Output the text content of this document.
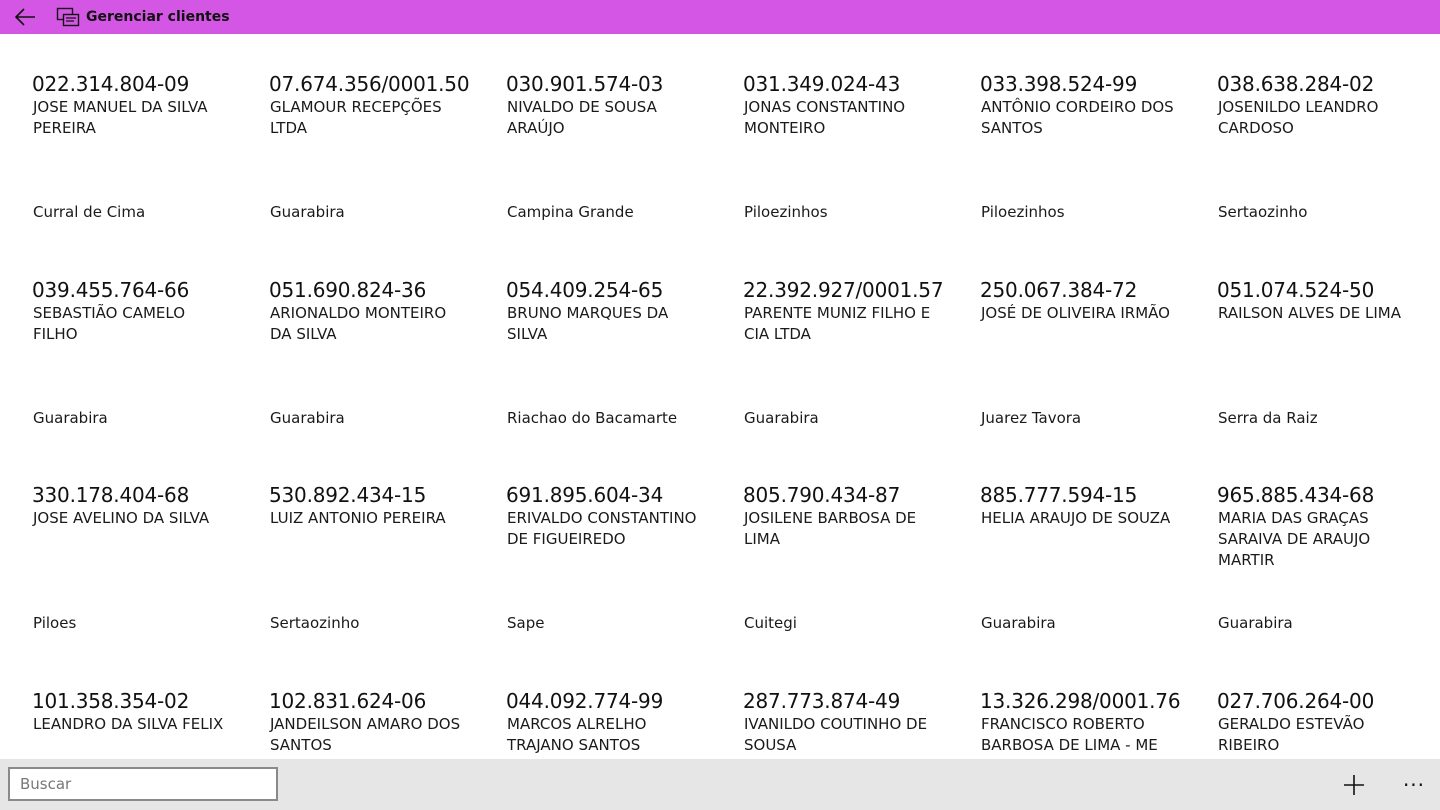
Gerenciar clientes
022.314.804-09
JOSE MANUEL DA SILVA PEREIRA
Curral de Cima
07.674.356/0001.50
GLAMOUR RECEPÇÕES LTDA
Guarabira
030.901.574-03
NIVALDO DE SOUSA ARAÚJO
Campina Grande
031.349.024-43
JONAS CONSTANTINO MONTEIRO
Piloezinhos
033.398.524-99
ANTÔNIO CORDEIRO DOS SANTOS
Piloezinhos
038.638.284-02
JOSENILDO LEANDRO CARDOSO
Sertaozinho
039.455.764-66
SEBASTIÃO CAMELO FILHO
Guarabira
051.690.824-36
ARIONALDO MONTEIRO DA SILVA
Guarabira
054.409.254-65
BRUNO MARQUES DA SILVA
Riachao do Bacamarte
22.392.927/0001.57
PARENTE MUNIZ FILHO E CIA LTDA
Guarabira
250.067.384-72
JOSÉ DE OLIVEIRA IRMÃO
Juarez Tavora
051.074.524-50
RAILSON ALVES DE LIMA
Serra da Raiz
330.178.404-68
JOSE AVELINO DA SILVA
Piloes
530.892.434-15
LUIZ ANTONIO PEREIRA
Sertaozinho
691.895.604-34
ERIVALDO CONSTANTINO DE FIGUEIREDO
Sape
805.790.434-87
JOSILENE BARBOSA DE LIMA
Cuitegi
885.777.594-15
HELIA ARAUJO DE SOUZA
Guarabira
965.885.434-68
MARIA DAS GRAÇAS SARAIVA DE ARAUJO MARTIR
Guarabira
101.358.354-02
LEANDRO DA SILVA FELIX
102.831.624-06
JANDEILSON AMARO DOS SANTOS
044.092.774-99
MARCOS ALRELHO TRAJANO SANTOS
287.773.874-49
IVANILDO COUTINHO DE SOUSA
13.326.298/0001.76
FRANCISCO ROBERTO BARBOSA DE LIMA - ME
027.706.264-00
GERALDO ESTEVÃO RIBEIRO
Buscar
···
